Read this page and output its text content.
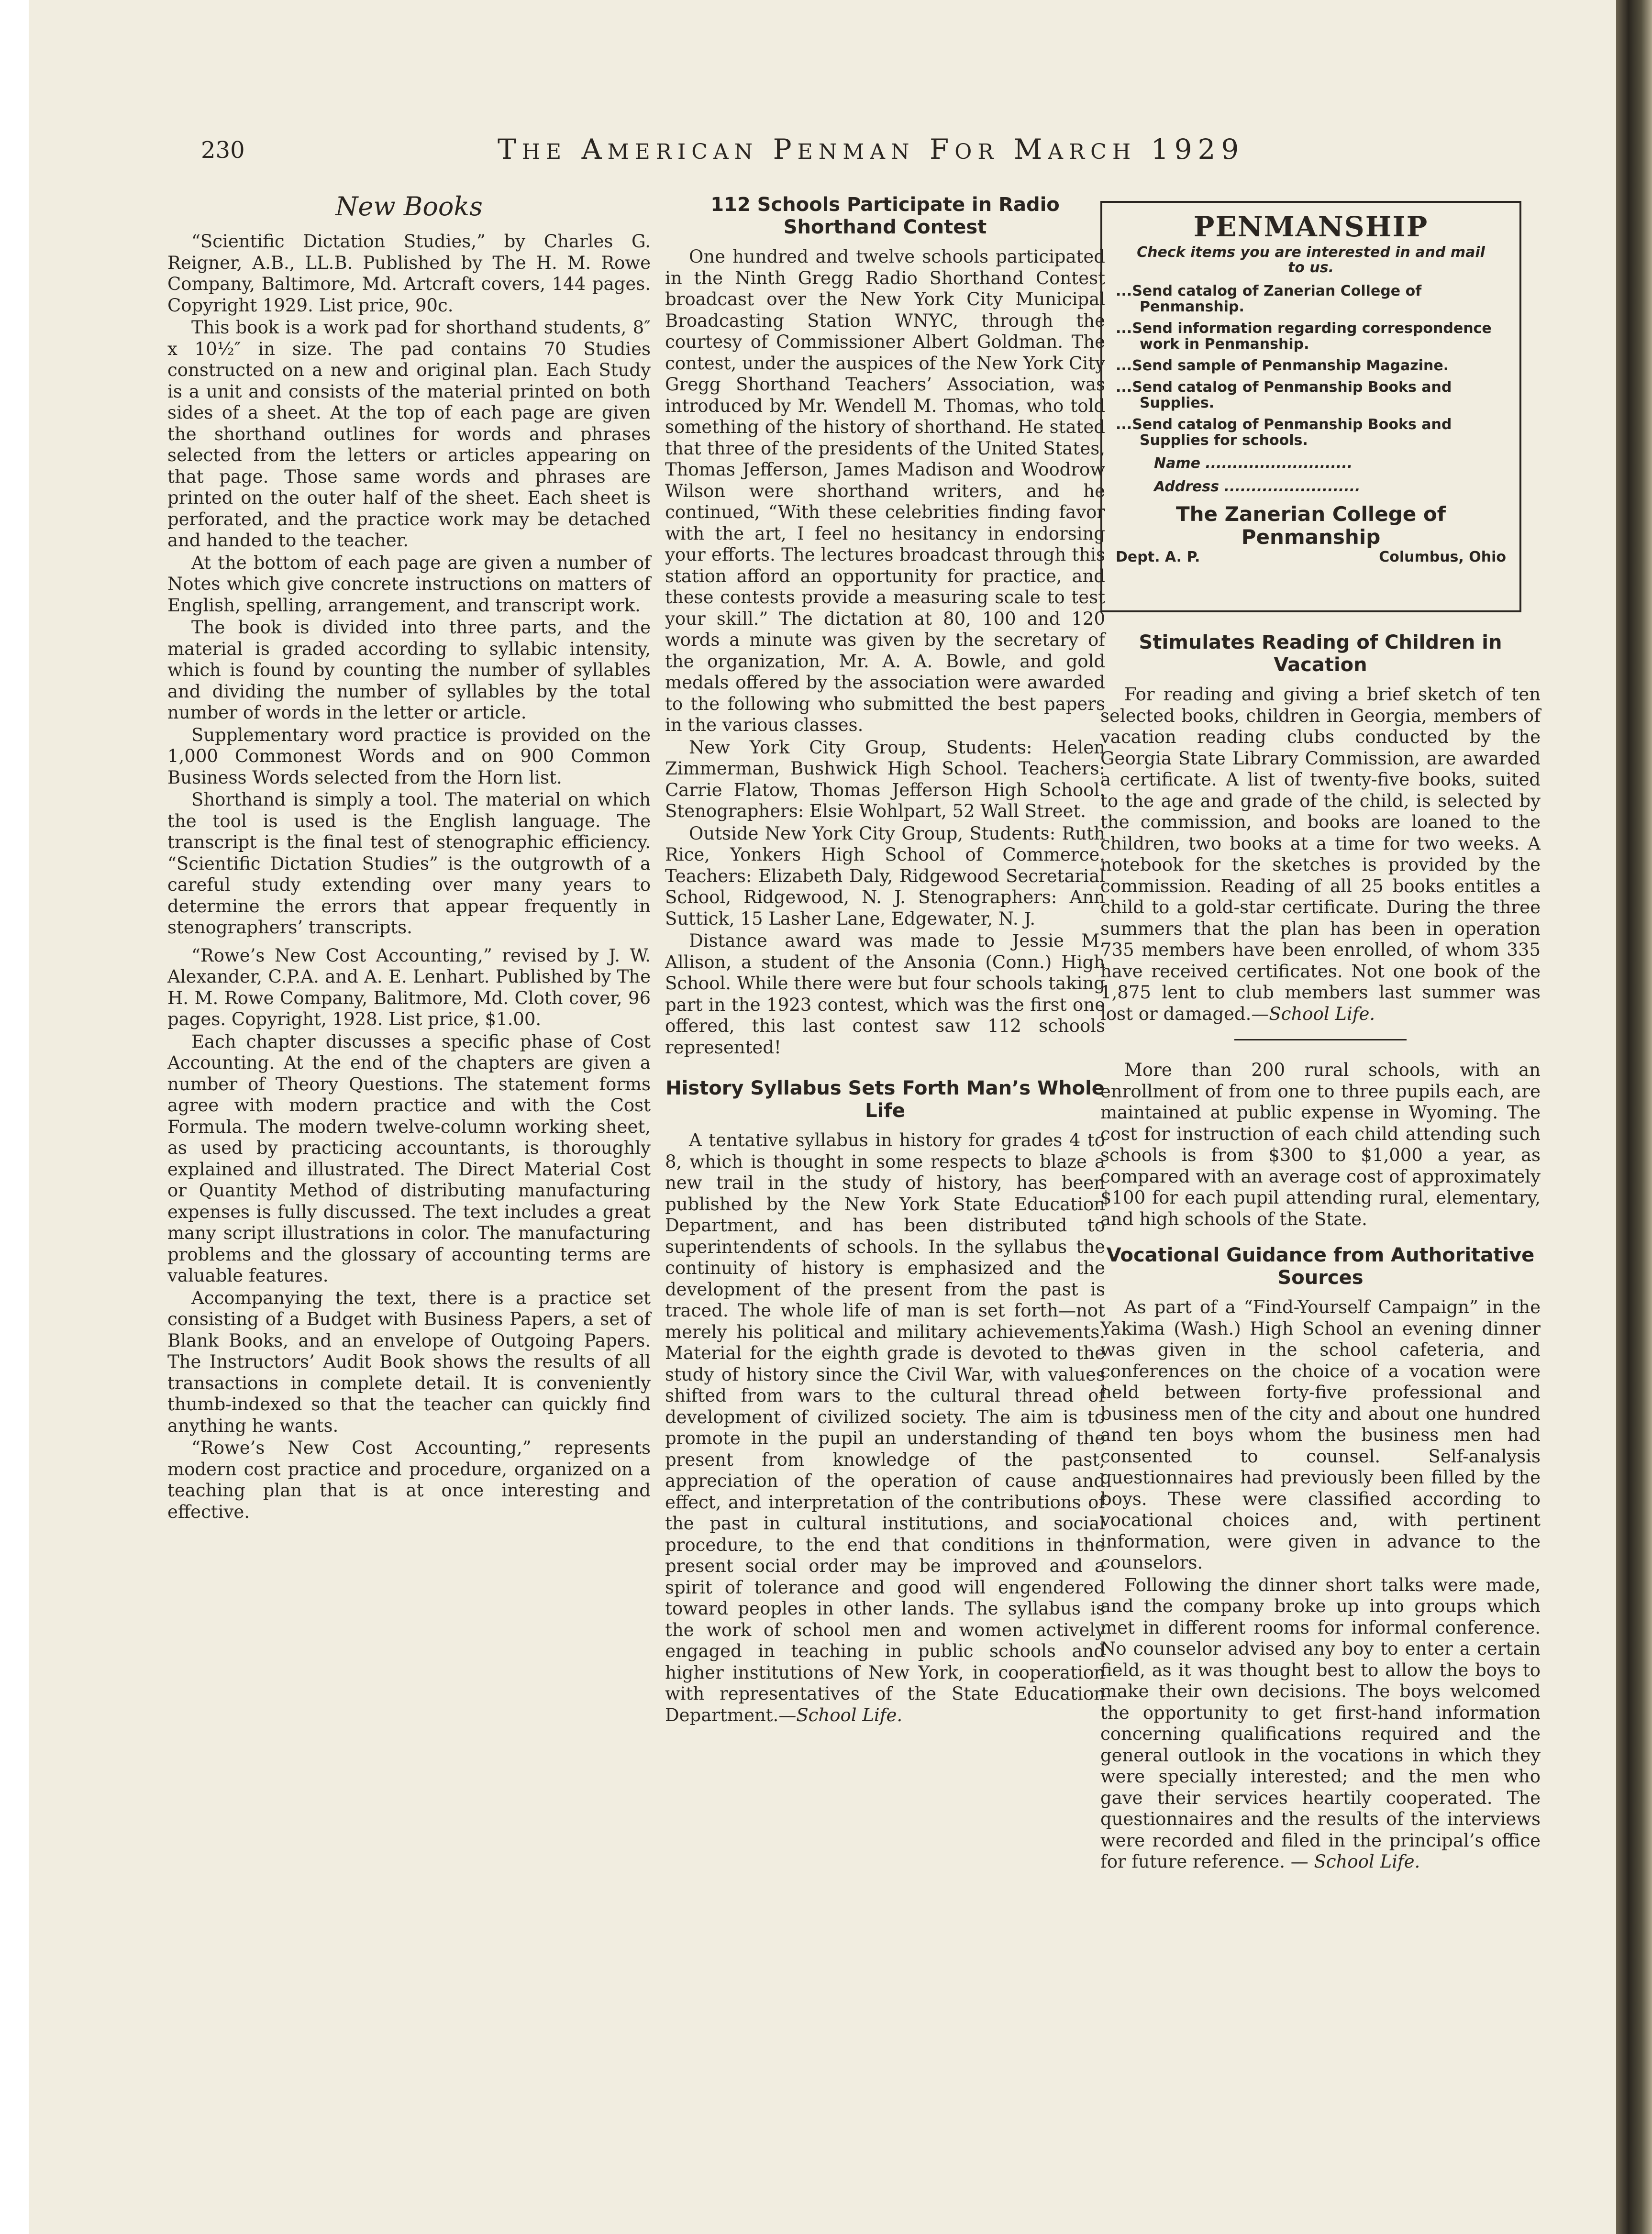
230	THE AMERICAN PENMAN FOR MARCH 1929
New Books

“Scientific Dictation Studies,” by Charles G. Reigner, A.B., LL.B. Published by The H. M. Rowe Company, Baltimore, Md. Artcraft covers, 144 pages. Copyright 1929. List price, 90c.

This book is a work pad for shorthand students, 8″ x 10½″ in size. The pad contains 70 Studies constructed on a new and original plan. Each Study is a unit and consists of the material printed on both sides of a sheet. At the top of each page are given the shorthand outlines for words and phrases selected from the letters or articles appearing on that page. Those same words and phrases are printed on the outer half of the sheet. Each sheet is perforated, and the practice work may be detached and handed to the teacher.

At the bottom of each page are given a number of Notes which give concrete instructions on matters of English, spelling, arrangement, and transcript work.

The book is divided into three parts, and the material is graded according to syllabic intensity, which is found by counting the number of syllables and dividing the number of syllables by the total number of words in the letter or article.

Supplementary word practice is provided on the 1,000 Commonest Words and on 900 Common Business Words selected from the Horn list.

Shorthand is simply a tool. The material on which the tool is used is the English language. The transcript is the final test of stenographic efficiency. “Scientific Dictation Studies” is the outgrowth of a careful study extending over many years to determine the errors that appear frequently in stenographers’ transcripts.

“Rowe’s New Cost Accounting,” revised by J. W. Alexander, C.P.A. and A. E. Lenhart. Published by The H. M. Rowe Company, Balitmore, Md. Cloth cover, 96 pages. Copyright, 1928. List price, $1.00.

Each chapter discusses a specific phase of Cost Accounting. At the end of the chapters are given a number of Theory Questions. The statement forms agree with modern practice and with the Cost Formula. The modern twelve-column working sheet, as used by practicing accountants, is thoroughly explained and illustrated. The Direct Material Cost or Quantity Method of distributing manufacturing expenses is fully discussed. The text includes a great many script illustrations in color. The manufacturing problems and the glossary of accounting terms are valuable features.

Accompanying the text, there is a practice set consisting of a Budget with Business Papers, a set of Blank Books, and an envelope of Outgoing Papers. The Instructors’ Audit Book shows the results of all transactions in complete detail. It is conveniently thumb-indexed so that the teacher can quickly find anything he wants.

“Rowe’s New Cost Accounting,” represents modern cost practice and procedure, organized on a teaching plan that is at once interesting and effective.

112 Schools Participate in Radio Shorthand Contest

One hundred and twelve schools participated in the Ninth Gregg Radio Shorthand Contest broadcast over the New York City Municipal Broadcasting Station WNYC, through the courtesy of Commissioner Albert Goldman. The contest, under the auspices of the New York City Gregg Shorthand Teachers’ Association, was introduced by Mr. Wendell M. Thomas, who told something of the history of shorthand. He stated that three of the presidents of the United States, Thomas Jefferson, James Madison and Woodrow Wilson were shorthand writers, and he continued, “With these celebrities finding favor with the art, I feel no hesitancy in endorsing your efforts. The lectures broadcast through this station afford an opportunity for practice, and these contests provide a measuring scale to test your skill.” The dictation at 80, 100 and 120 words a minute was given by the secretary of the organization, Mr. A. A. Bowle, and gold medals offered by the association were awarded to the following who submitted the best papers in the various classes.

New York City Group, Students: Helen Zimmerman, Bushwick High School. Teachers: Carrie Flatow, Thomas Jefferson High School. Stenographers: Elsie Wohlpart, 52 Wall Street.

Outside New York City Group, Students: Ruth Rice, Yonkers High School of Commerce. Teachers: Elizabeth Daly, Ridgewood Secretarial School, Ridgewood, N. J. Stenographers: Ann Suttick, 15 Lasher Lane, Edgewater, N. J.

Distance award was made to Jessie M. Allison, a student of the Ansonia (Conn.) High School. While there were but four schools taking part in the 1923 contest, which was the first one offered, this last contest saw 112 schools represented!

History Syllabus Sets Forth Man’s Whole Life

A tentative syllabus in history for grades 4 to 8, which is thought in some respects to blaze a new trail in the study of history, has been published by the New York State Education Department, and has been distributed to superintendents of schools. In the syllabus the continuity of history is emphasized and the development of the present from the past is traced. The whole life of man is set forth—not merely his political and military achievements. Material for the eighth grade is devoted to the study of history since the Civil War, with values shifted from wars to the cultural thread of development of civilized society. The aim is to promote in the pupil an understanding of the present from knowledge of the past, appreciation of the operation of cause and effect, and interpretation of the contributions of the past in cultural institutions, and social procedure, to the end that conditions in the present social order may be improved and a spirit of tolerance and good will engendered toward peoples in other lands. The syllabus is the work of school men and women actively engaged in teaching in public schools and higher institutions of New York, in cooperation with representatives of the State Education Department.—School Life.

PENMANSHIP
Check items you are interested in and mail to us.
...Send catalog of Zanerian College of Penmanship.
...Send information regarding correspondence work in Penmanship.
...Send sample of Penmanship Magazine.
...Send catalog of Penmanship Books and Supplies.
...Send catalog of Penmanship Books and Supplies for schools.
Name ...........................
Address .........................
The Zanerian College of Penmanship
Dept. A. P.	Columbus, Ohio
Stimulates Reading of Children in Vacation

For reading and giving a brief sketch of ten selected books, children in Georgia, members of vacation reading clubs conducted by the Georgia State Library Commission, are awarded a certificate. A list of twenty-five books, suited to the age and grade of the child, is selected by the commission, and books are loaned to the children, two books at a time for two weeks. A notebook for the sketches is provided by the commission. Reading of all 25 books entitles a child to a gold-star certificate. During the three summers that the plan has been in operation 735 members have been enrolled, of whom 335 have received certificates. Not one book of the 1,875 lent to club members last summer was lost or damaged.—School Life.

More than 200 rural schools, with an enrollment of from one to three pupils each, are maintained at public expense in Wyoming. The cost for instruction of each child attending such schools is from $300 to $1,000 a year, as compared with an average cost of approximately $100 for each pupil attending rural, elementary, and high schools of the State.

Vocational Guidance from Authoritative Sources

As part of a “Find-Yourself Campaign” in the Yakima (Wash.) High School an evening dinner was given in the school cafeteria, and conferences on the choice of a vocation were held between forty-five professional and business men of the city and about one hundred and ten boys whom the business men had consented to counsel. Self-analysis questionnaires had previously been filled by the boys. These were classified according to vocational choices and, with pertinent information, were given in advance to the counselors.

Following the dinner short talks were made, and the company broke up into groups which met in different rooms for informal conference. No counselor advised any boy to enter a certain field, as it was thought best to allow the boys to make their own decisions. The boys welcomed the opportunity to get first-hand information concerning qualifications required and the general outlook in the vocations in which they were specially interested; and the men who gave their services heartily cooperated. The questionnaires and the results of the interviews were recorded and filed in the principal’s office for future reference. — School Life.
